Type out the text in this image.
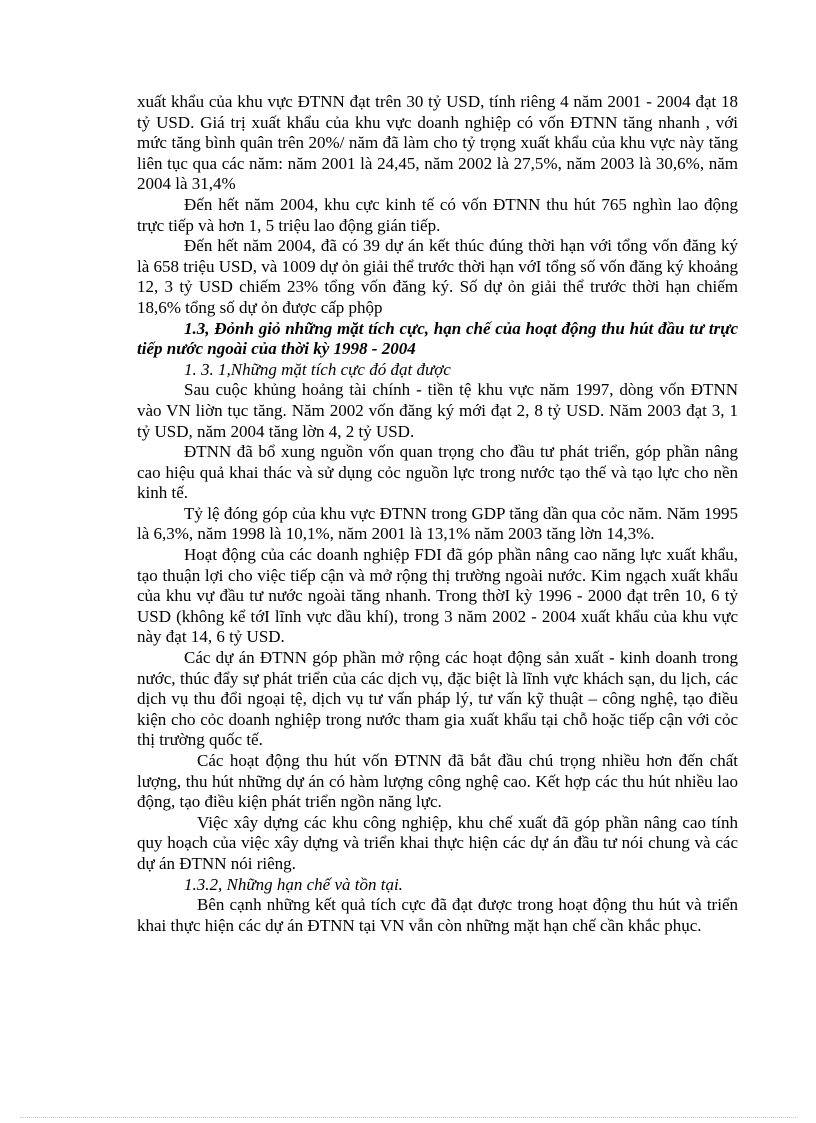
xuất khẩu của khu vực ĐTNN đạt trên 30 tỷ USD, tính riêng 4 năm 2001 - 2004 đạt 18 tỷ USD. Giá trị xuất khẩu của khu vực doanh nghiệp có vốn ĐTNN tăng nhanh , với mức tăng bình quân trên 20%/ năm đã làm cho tỷ trọng xuất khẩu của khu vực này tăng liên tục qua các năm: năm 2001 là 24,45, năm 2002 là 27,5%, năm 2003 là 30,6%, năm 2004 là 31,4%

Đến hết năm 2004, khu cực kinh tế có vốn ĐTNN thu hút 765 nghìn lao động trực tiếp và hơn 1, 5 triệu lao động gián tiếp.

Đến hết năm 2004, đã có 39 dự án kết thúc đúng thời hạn với tổng vốn đăng ký là 658 triệu USD, và 1009 dự ỏn giải thể trước thời hạn vớI tổng số vốn đăng ký khoảng 12, 3 tỷ USD chiếm 23% tổng vốn đăng ký. Số dự ỏn giải thể trước thời hạn chiếm 18,6% tổng số dự ỏn được cấp phộp

1.3, Đỏnh giỏ những mặt tích cực, hạn chế của hoạt động thu hút đầu tư trực tiếp nước ngoài của thời kỳ 1998 - 2004

1. 3. 1,Những mặt tích cực đó đạt được

Sau cuộc khủng hoảng tài chính - tiền tệ khu vực năm 1997, dòng vốn ĐTNN vào VN liờn tục tăng. Năm 2002 vốn đăng ký mới đạt 2, 8 tỷ USD. Năm 2003 đạt 3, 1 tỷ USD, năm 2004 tăng lờn 4, 2 tỷ USD.

ĐTNN đã bổ xung nguồn vốn quan trọng cho đầu tư phát triển, góp phần nâng cao hiệu quả khai thác và sử dụng cỏc nguồn lực trong nước tạo thế và tạo lực cho nền kinh tế.

Tỷ lệ đóng góp của khu vực ĐTNN trong GDP tăng dần qua cỏc năm. Năm 1995 là 6,3%, năm 1998 là 10,1%, năm 2001 là 13,1% năm 2003 tăng lờn 14,3%.

Hoạt động của các doanh nghiệp FDI đã góp phần nâng cao năng lực xuất khẩu, tạo thuận lợi cho việc tiếp cận và mở rộng thị trường ngoài nước. Kim ngạch xuất khẩu của khu vự đầu tư nước ngoài tăng nhanh. Trong thờI kỳ 1996 - 2000 đạt trên 10, 6 tỷ USD (không kể tớI lĩnh vực dầu khí), trong 3 năm 2002 - 2004 xuất khẩu của khu vực này đạt 14, 6 tỷ USD.

Các dự án ĐTNN góp phần mở rộng các hoạt động sản xuất - kinh doanh trong nước, thúc đẩy sự phát triển của các dịch vụ, đặc biệt là lĩnh vực khách sạn, du lịch, các dịch vụ thu đổi ngoại tệ, dịch vụ tư vấn pháp lý, tư vấn kỹ thuật – công nghệ, tạo điều kiện cho cỏc doanh nghiệp trong nước tham gia xuất khẩu tại chỗ hoặc tiếp cận với cỏc thị trường quốc tế.

Các hoạt động thu hút vốn ĐTNN đã bắt đầu chú trọng nhiều hơn đến chất lượng, thu hút những dự án có hàm lượng công nghệ cao. Kết hợp các thu hút nhiều lao động, tạo điều kiện phát triển ngồn năng lực.

Việc xây dựng các khu công nghiệp, khu chế xuất đã góp phần nâng cao tính quy hoạch của việc xây dựng và triển khai thực hiện các dự án đầu tư nói chung và các dự án ĐTNN nói riêng.

1.3.2, Những hạn chế và tồn tại.

Bên cạnh những kết quả tích cực đã đạt được trong hoạt động thu hút và triển khai thực hiện các dự án ĐTNN tại VN vẫn còn những mặt hạn chế cần khắc phục.
